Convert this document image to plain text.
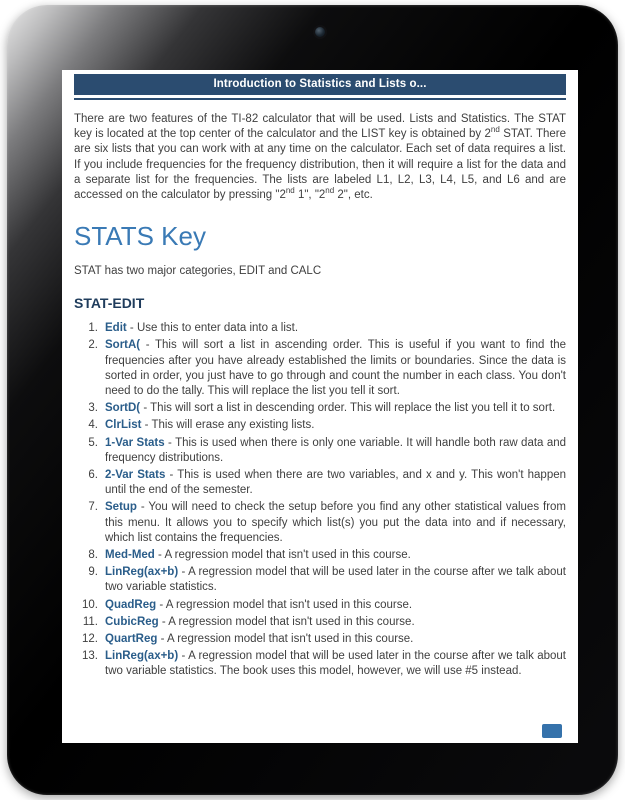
Introduction to Statistics and Lists o...

There are two features of the TI-82 calculator that will be used. Lists and Statistics. The STAT key is located at the top center of the calculator and the LIST key is obtained by 2nd STAT. There are six lists that you can work with at any time on the calculator. Each set of data requires a list. If you include frequencies for the frequency distribution, then it will require a list for the data and a separate list for the frequencies. The lists are labeled L1, L2, L3, L4, L5, and L6 and are accessed on the calculator by pressing "2nd 1", "2nd 2", etc.

STATS Key

STAT has two major categories, EDIT and CALC

STAT-EDIT
1. Edit - Use this to enter data into a list.
2. SortA( - This will sort a list in ascending order. This is useful if you want to find the frequencies after you have already established the limits or boundaries. Since the data is sorted in order, you just have to go through and count the number in each class. You don't need to do the tally. This will replace the list you tell it sort.
3. SortD( - This will sort a list in descending order. This will replace the list you tell it to sort.
4. ClrList - This will erase any existing lists.
5. 1-Var Stats - This is used when there is only one variable. It will handle both raw data and frequency distributions.
6. 2-Var Stats - This is used when there are two variables, and x and y. This won't happen until the end of the semester.
7. Setup - You will need to check the setup before you find any other statistical values from this menu. It allows you to specify which list(s) you put the data into and if necessary, which list contains the frequencies.
8. Med-Med - A regression model that isn't used in this course.
9. LinReg(ax+b) - A regression model that will be used later in the course after we talk about two variable statistics.
10. QuadReg - A regression model that isn't used in this course.
11. CubicReg - A regression model that isn't used in this course.
12. QuartReg - A regression model that isn't used in this course.
13. LinReg(ax+b) - A regression model that will be used later in the course after we talk about two variable statistics. The book uses this model, however, we will use #5 instead.
